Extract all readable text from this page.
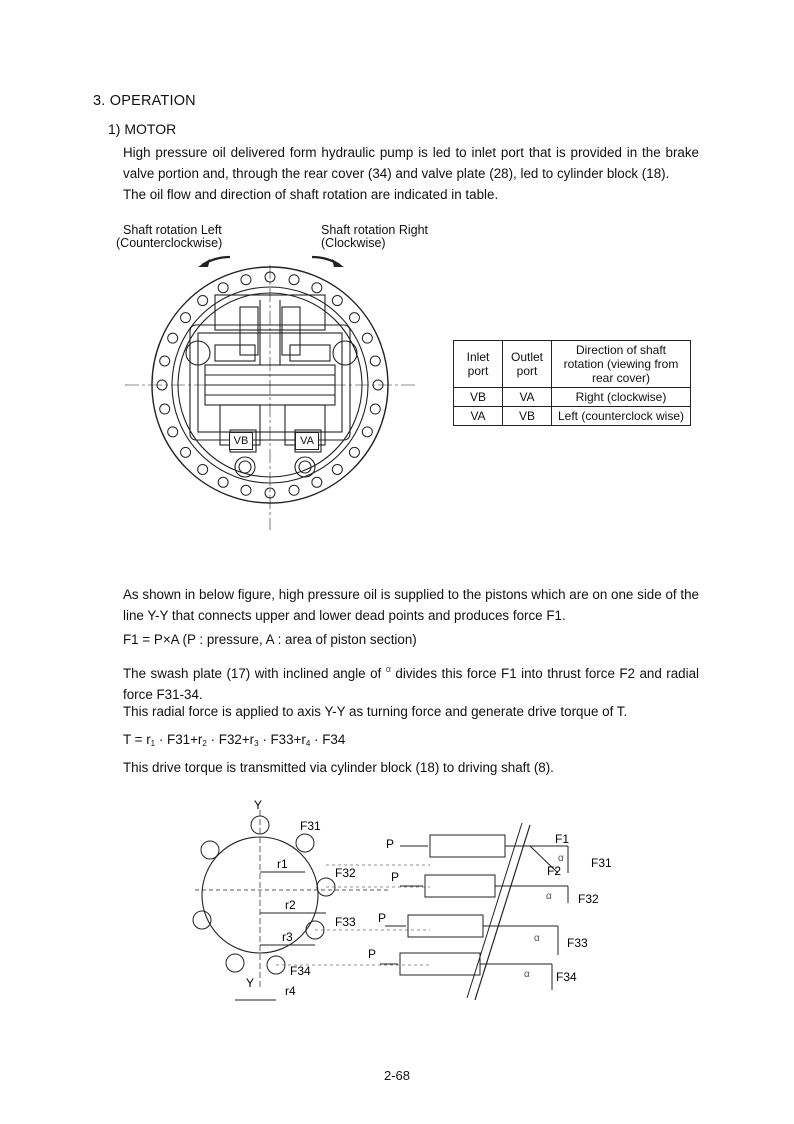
3. OPERATION
1) MOTOR
High pressure oil delivered form hydraulic pump is led to inlet port that is provided in the brake valve portion and, through the rear cover (34) and valve plate (28), led to cylinder block (18).
The oil flow and direction of shaft rotation are indicated in table.
Shaft rotation Left
(Counterclockwise)
Shaft rotation Right
(Clockwise)
VB	VA
Inlet port	Outlet port	Direction of shaft rotation (viewing from rear cover)
VB	VA	Right (clockwise)
VA	VB	Left (counterclock wise)
As shown in below figure, high pressure oil is supplied to the pistons which are on one side of the line Y-Y that connects upper and lower dead points and produces force F1.
F1 = P×A (P : pressure, A : area of piston section)
The swash plate (17) with inclined angle of $^\alpha$ divides this force F1 into thrust force F2 and radial force F31-34.
This radial force is applied to axis Y-Y as turning force and generate drive torque of T.
$T = r_1 \cdot F31+r_2 \cdot F32+r_3 \cdot F33+r_4 \cdot F34$
This drive torque is transmitted via cylinder block (18) to driving shaft (8).
Y
Y
r1
r2
r3
r4
F31
F32
F33
F34
P
P
P
P
F1
F2
F31
F32
F33
F34
α
α
α
α
2-68
